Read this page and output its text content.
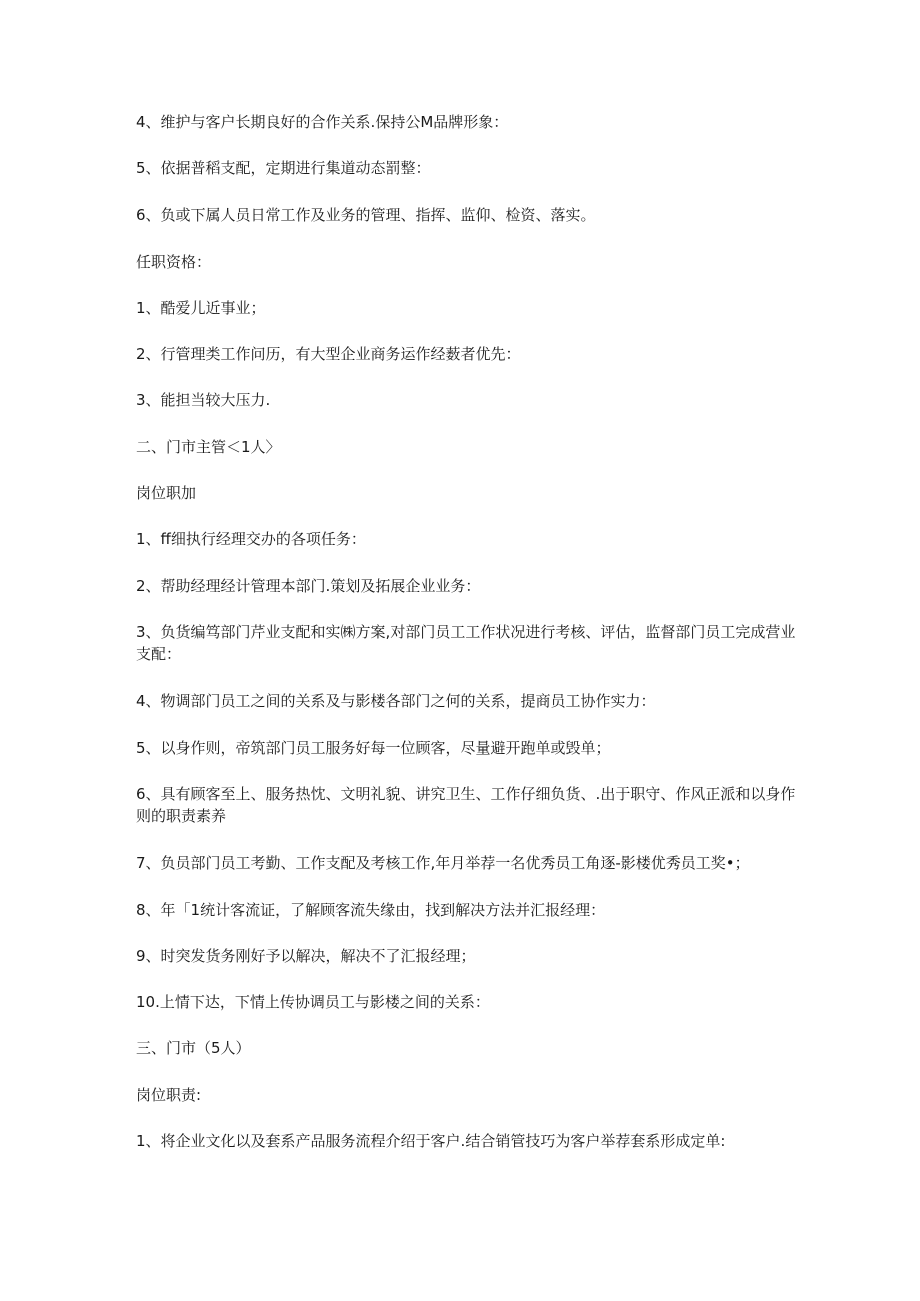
4、维护与客户长期良好的合作关系.保持公M品牌形象：
5、依据普稻支配，定期进行集道动态罰整：
6、负或下属人员日常工作及业务的管理、指挥、监仰、检资、落实。
任职资格：
1、酷爱儿近事业；
2、行管理类工作问历，有大型企业商务运作经薮者优先：
3、能担当较大压力.
二、门市主管＜1人〉
岗位职加
1、ff细执行经理交办的各项任务：
2、帮助经理经计管理本部门.策划及拓展企业业务：
3、负货编笃部门芹业支配和实㈱方案,对部门员工工作状况进行考核、评估，监督部门员工完成营业支配：
4、物调部门员工之间的关系及与影楼各部门之何的关系，提商员工协作实力：
5、以身作则，帝筑部门员工服务好每一位顾客，尽量避开跑单或毁单；
6、具有顾客至上、服务热忱、文明礼貌、讲究卫生、工作仔细负货、.出于职守、作风正派和以身作则的职责素养
7、负员部门员工考勤、工作支配及考核工作,年月举荐一名优秀员工角逐-影楼优秀员工奖•；
8、年「1统计客流证，了解顾客流失缘由，找到解决方法并汇报经理：
9、时突发货务刚好予以解决，解决不了汇报经理；
10.上情下达，下情上传协调员工与影楼之间的关系：
三、门市（5人）
岗位职责:
1、将企业文化以及套系产品服务流程介绍于客户.结合销管技巧为客户举荐套系形成定单:
